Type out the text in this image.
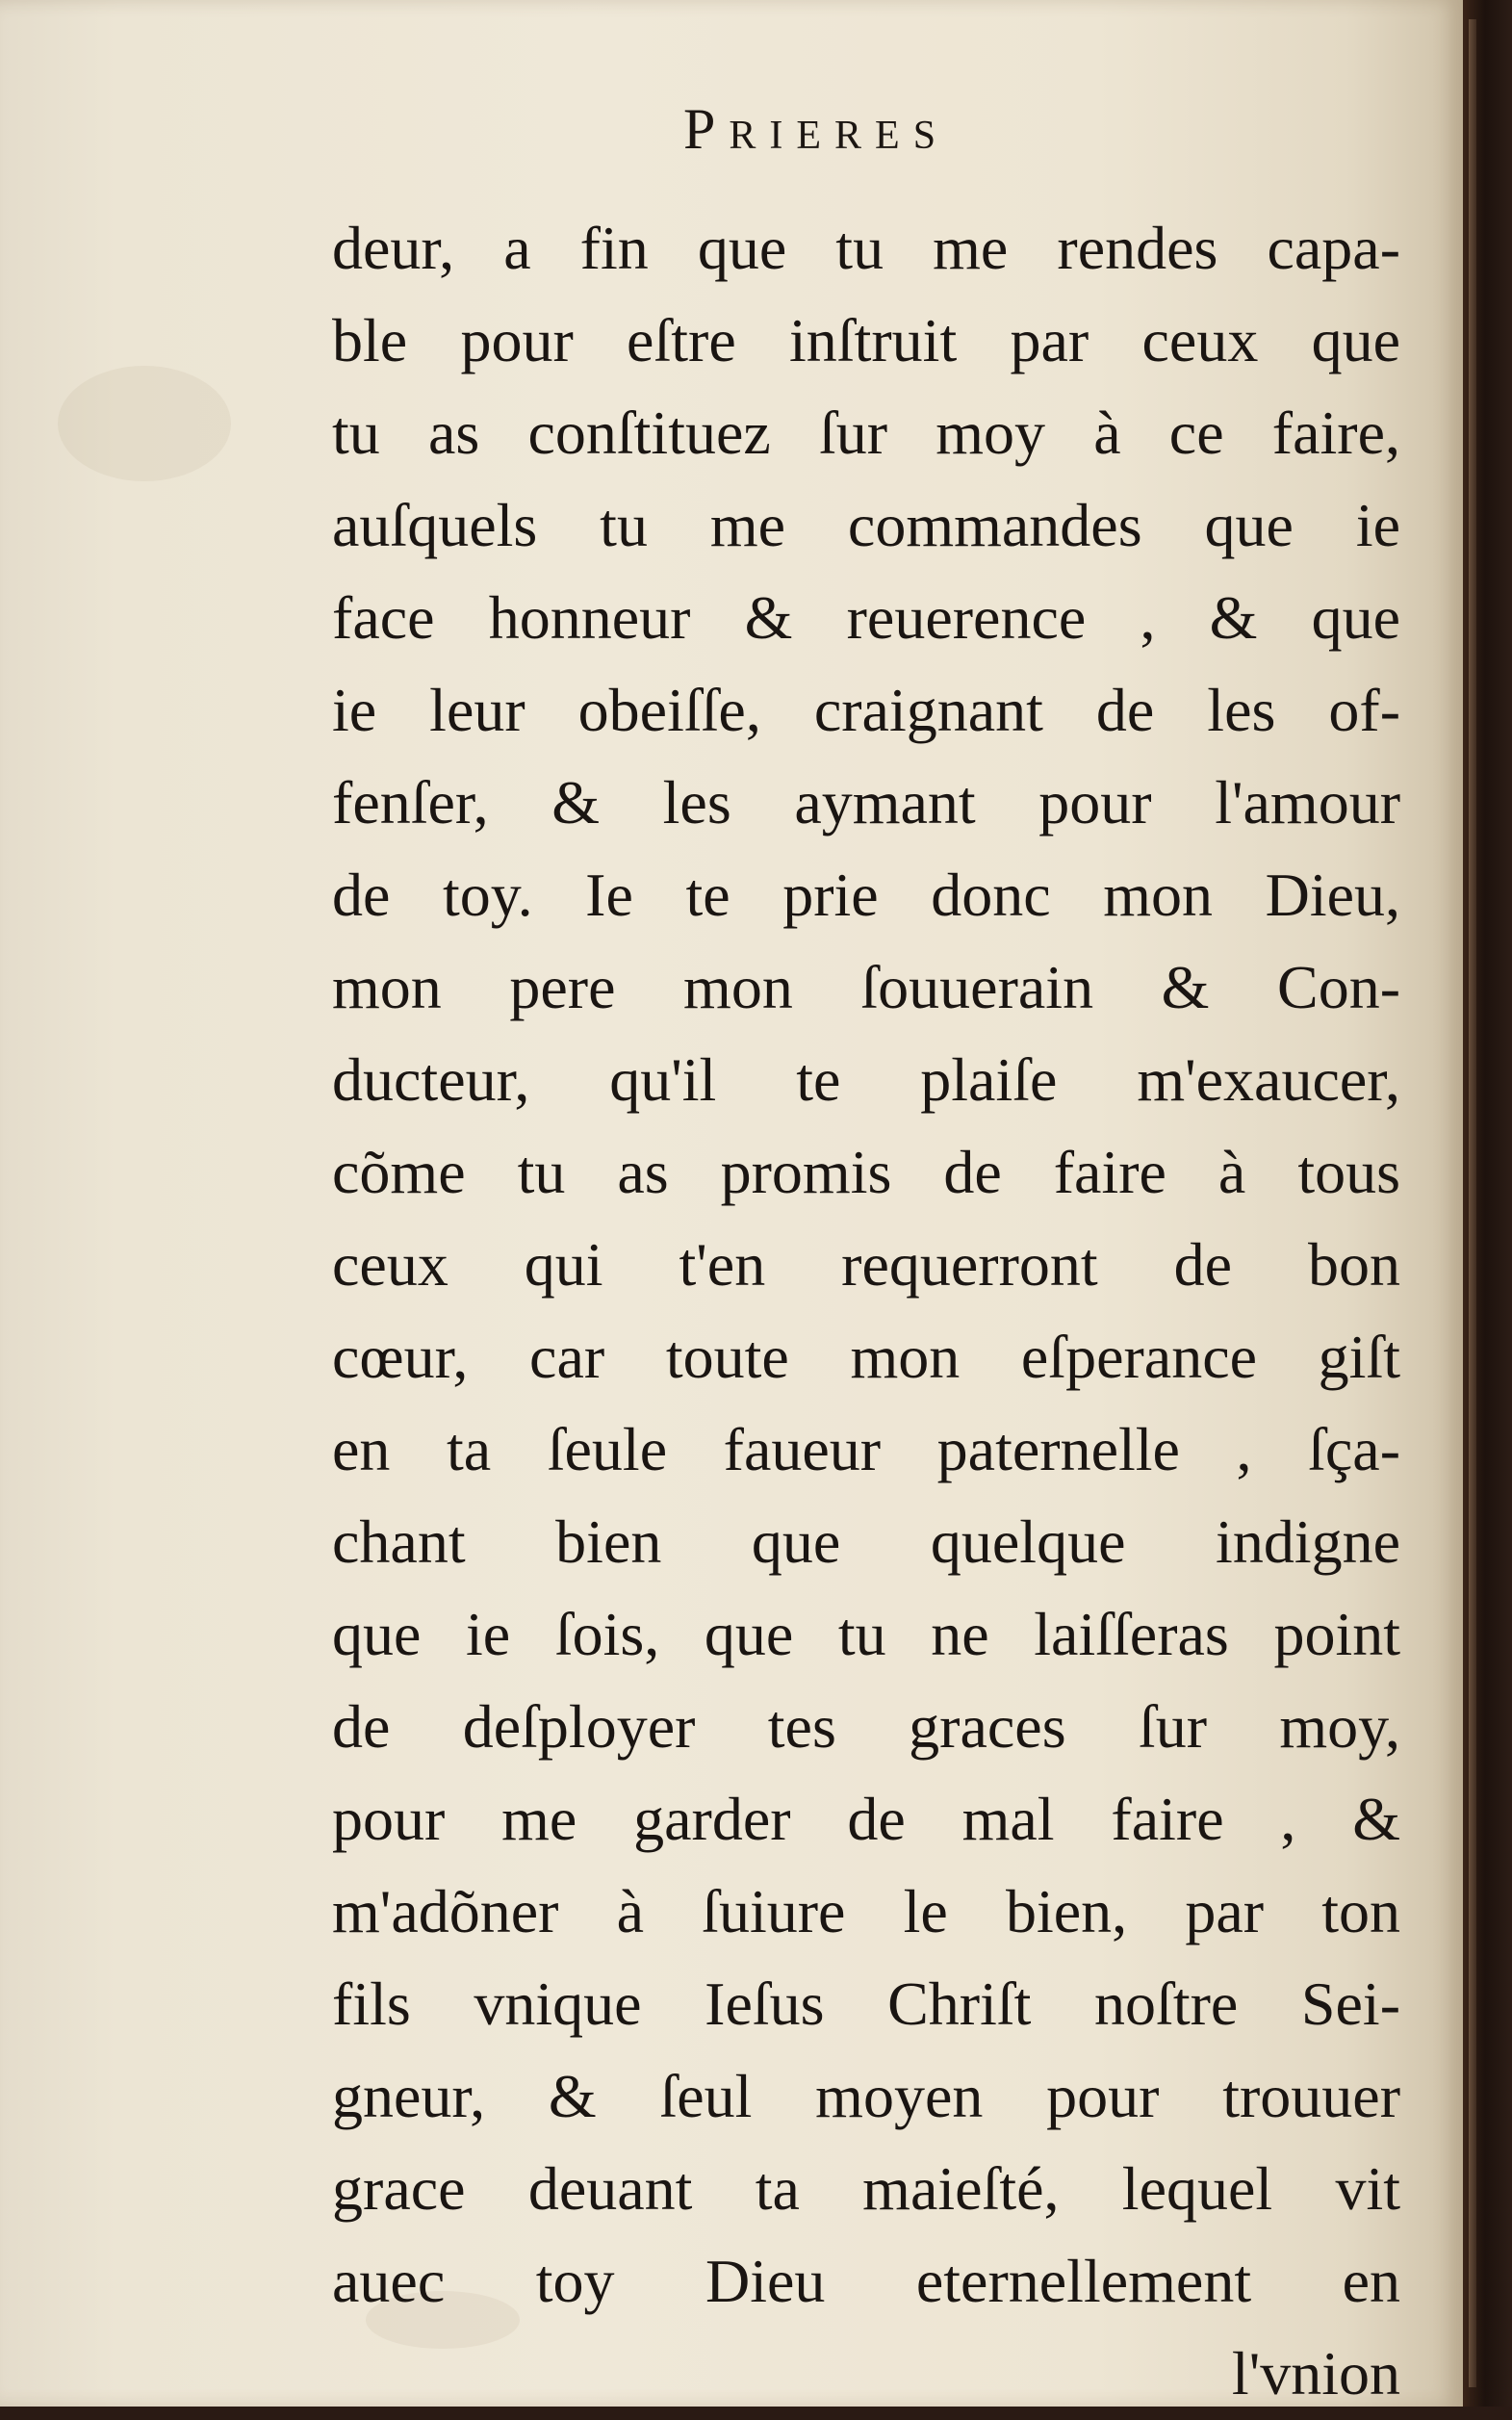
Prieres
deur, a fin que tu me rendes capa-
ble pour eſtre inſtruit par ceux que
tu as conſtituez ſur moy à ce faire,
auſquels tu me commandes que ie
face honneur & reuerence , & que
ie leur obeiſſe, craignant de les of-
fenſer, & les aymant pour l'amour
de toy. Ie te prie donc mon Dieu,
mon pere mon ſouuerain & Con-
ducteur, qu'il te plaiſe m'exaucer,
cõme tu as promis de faire à tous
ceux qui t'en requerront de bon
cœur, car toute mon eſperance giſt
en ta ſeule faueur paternelle , ſça-
chant bien que quelque indigne
que ie ſois, que tu ne laiſſeras point
de deſployer tes graces ſur moy,
pour me garder de mal faire , &
m'adõner à ſuiure le bien, par ton
fils vnique Ieſus Chriſt noſtre Sei-
gneur, & ſeul moyen pour trouuer
grace deuant ta maieſté, lequel vit
auec toy Dieu eternellement en
l'vnion
